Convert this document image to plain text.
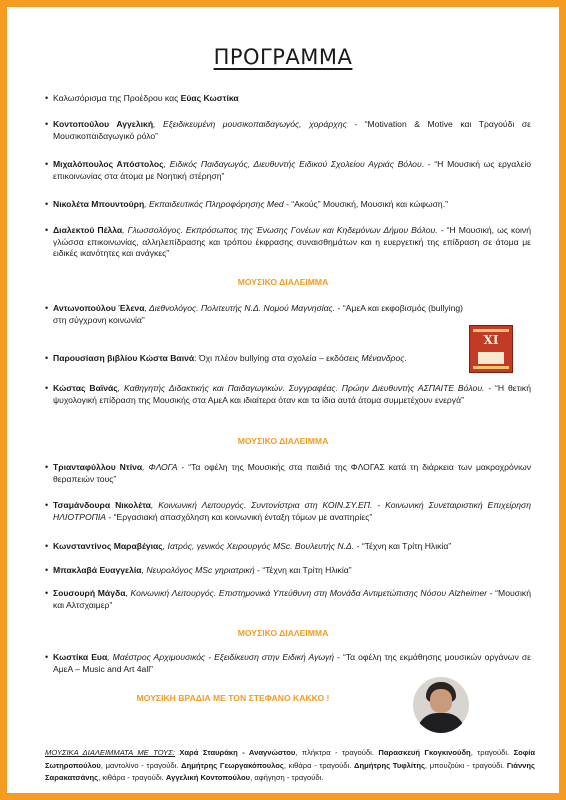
ΠΡΟΓΡΑΜΜΑ
• Καλωσόρισμα της Προέδρου κας Εύας Κωστίκα
• Κοντοπούλου Αγγελική, Εξειδικευμένη μουσικοπαιδαγωγός, χοράρχης - “Motivation & Motive και Τραγούδι σε Μουσικοπαιδαγωγικό ρόλο”
• Μιχαλόπουλος Απόστολος, Ειδικός Παιδαγωγός, Διευθυντής Ειδικού Σχολείου Αγριάς Βόλου. - “Η Μουσική ως εργαλείο επικοινωνίας στα άτομα με Νοητική στέρηση”
• Νικολέτα Μπουντούρη, Εκπαιδευτικός Πληροφόρησης Med - “Ακούς” Μουσική, Μουσική και κώφωση.”
• Διαλεκτού Πέλλα, Γλωσσολόγος. Εκπρόσωπος της Ένωσης Γονέων και Κηδεμόνων Δήμου Βόλου. - “Η Μουσική, ως κοινή γλώσσα επικοινωνίας, αλληλεπίδρασης και τρόπου έκφρασης συναισθημάτων και η ευεργετική της επίδραση σε άτομα με ειδικές ικανότητες και ανάγκες”
ΜΟΥΣΙΚΟ ΔΙΑΛΕΙΜΜΑ
• Αντωνοπούλου Έλενα, Διεθνολόγος. Πολιτευτής Ν.Δ. Νομού Μαγνησίας. - “ΑμεΑ και εκφοβισμός (bullying) στη σύγχρονη κοινωνία”
• Παρουσίαση βιβλίου Κώστα Βαινά: Όχι πλέον bullying στα σχολεία – εκδόσεις Μένανδρος.
ΧΙ
• Κώστας Βαϊνάς, Καθηγητής Διδακτικής και Παιδαγωγικών. Συγγραφέας. Πρώην Διευθυντής ΑΣΠΑΙΤΕ Βόλου. - “Η θετική ψυχολογική επίδραση της Μουσικής στα ΑμεΑ και ιδιαίτερα όταν και τα ίδια αυτά άτομα συμμετέχουν ενεργά”
ΜΟΥΣΙΚΟ ΔΙΑΛΕΙΜΜΑ
• Τριανταφύλλου Ντίνα, ΦΛΟΓΑ - “Τα οφέλη της Μουσικής στα παιδιά της ΦΛΟΓΑΣ κατά τη διάρκεια των μακροχρόνιων θεραπειών τους”
• Τσαμάνδουρα Νικολέτα, Κοινωνική Λειτουργός. Συντονίστρια στη ΚΟΙΝ.ΣΥ.ΕΠ. - Κοινωνική Συνεταιριστική Επιχείρηση ΗΛΙΟΤΡΟΠΙΑ - “Εργασιακή απασχόληση και κοινωνική ένταξη τόμων με αναπηρίες”
• Κωνσταντίνος Μαραβέγιας, Ιατρός, γενικός Χειρουργός MSc. Βουλευτής Ν.Δ. - “Τέχνη και Τρίτη Ηλικία”
• Μπακλαβά Ευαγγελία, Νευρολόγος MSc γηριατρική - “Τέχνη και Τρίτη Ηλικία”
• Σουσουρή Μάγδα, Κοινωνική Λειτουργός. Επιστημονικά Υπεύθυνη στη Μονάδα Αντιμετώπισης Νόσου Alzheimer - “Μουσική και Αλτσχαιμερ”
ΜΟΥΣΙΚΟ ΔΙΑΛΕΙΜΜΑ
• Κωστίκα Ευα, Μαέστρος Αρχιμουσικός - Εξειδίκευση στην Ειδική Αγωγή - “Τα οφέλη της εκμάθησης μουσικών οργάνων σε ΑμεΑ – Music and Art 4all”
ΜΟΥΣΙΚΗ ΒΡΑΔΙΑ ΜΕ ΤΟΝ ΣΤΕΦΑΝΟ ΚΑΚΚΟ !
ΜΟΥΣΙΚΑ ΔΙΑΛΕΙΜΜΑΤΑ ΜΕ ΤΟΥΣ: Χαρά Σταυράκη - Αναγνώστου, πλήκτρα - τραγούδι. Παρασκευή Γκογκινούδη, τραγούδι. Σοφία Σωτηροπούλου, μαντολίνο - τραγούδι. Δημήτρης Γεωργακόπουλος, κιθάρα - τραγούδι. Δημήτρης Τυφλίτης, μπουζούκι - τραγούδι. Γιάννης Σαρακατσάνης, κιθάρα - τραγούδι. Αγγελική Κοντοπούλου, αφήγηση - τραγούδι.
